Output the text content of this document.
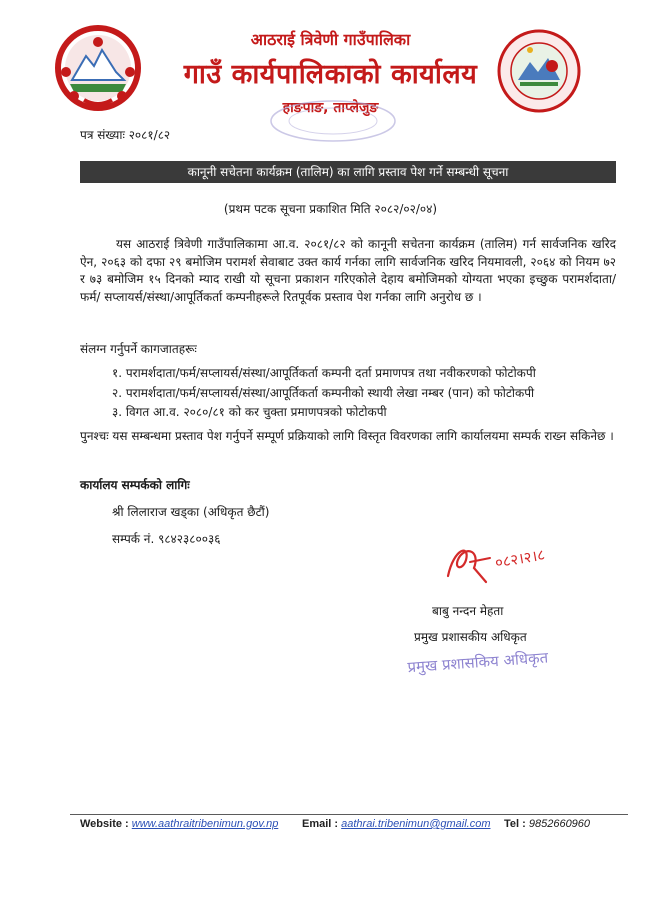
आठराई त्रिवेणी गाउँपालिका
गाउँ कार्यपालिकाको कार्यालय
हाङपाङ, ताप्लेजुङ
पत्र संख्याः २०८१/८२
कानूनी सचेतना कार्यक्रम (तालिम) का लागि प्रस्ताव पेश गर्ने सम्बन्धी सूचना
(प्रथम पटक सूचना प्रकाशित मिति २०८२/०२/०४)
यस आठराई त्रिवेणी गाउँपालिकामा आ.व. २०८१/८२ को कानूनी सचेतना कार्यक्रम (तालिम) गर्न सार्वजनिक खरिद ऐन, २०६३ को दफा २९ बमोजिम परामर्श सेवाबाट उक्त कार्य गर्नका लागि सार्वजनिक खरिद नियमावली, २०६४ को नियम ७२ र ७३ बमोजिम १५ दिनको म्याद राखी यो सूचना प्रकाशन गरिएकोले देहाय बमोजिमको योग्यता भएका इच्छुक परामर्शदाता/फर्म/ सप्लायर्स/संस्था/आपूर्तिकर्ता कम्पनीहरूले रितपूर्वक प्रस्ताव पेश गर्नका लागि अनुरोध छ ।
संलग्न गर्नुपर्ने कागजातहरूः
१. परामर्शदाता/फर्म/सप्लायर्स/संस्था/आपूर्तिकर्ता कम्पनी दर्ता प्रमाणपत्र तथा नवीकरणको फोटोकपी
२. परामर्शदाता/फर्म/सप्लायर्स/संस्था/आपूर्तिकर्ता कम्पनीको स्थायी लेखा नम्बर (पान) को फोटोकपी
३. विगत आ.व. २०८०/८१ को कर चुक्ता प्रमाणपत्रको फोटोकपी
पुनश्चः यस सम्बन्धमा प्रस्ताव पेश गर्नुपर्ने सम्पूर्ण प्रक्रियाको लागि विस्तृत विवरणका लागि कार्यालयमा सम्पर्क राख्न सकिनेछ ।
कार्यालय सम्पर्कको लागिः
श्री लिलाराज खड्का (अधिकृत छैटौं)
सम्पर्क नं. ९८४२३८००३६
०८२।२।८
बाबु नन्दन मेहता
प्रमुख प्रशासकीय अधिकृत
प्रमुख प्रशासकिय अधिकृत
Website : www.aathraitribenimun.gov.np Email : aathrai.tribenimun@gmail.com Tel : 9852660960
